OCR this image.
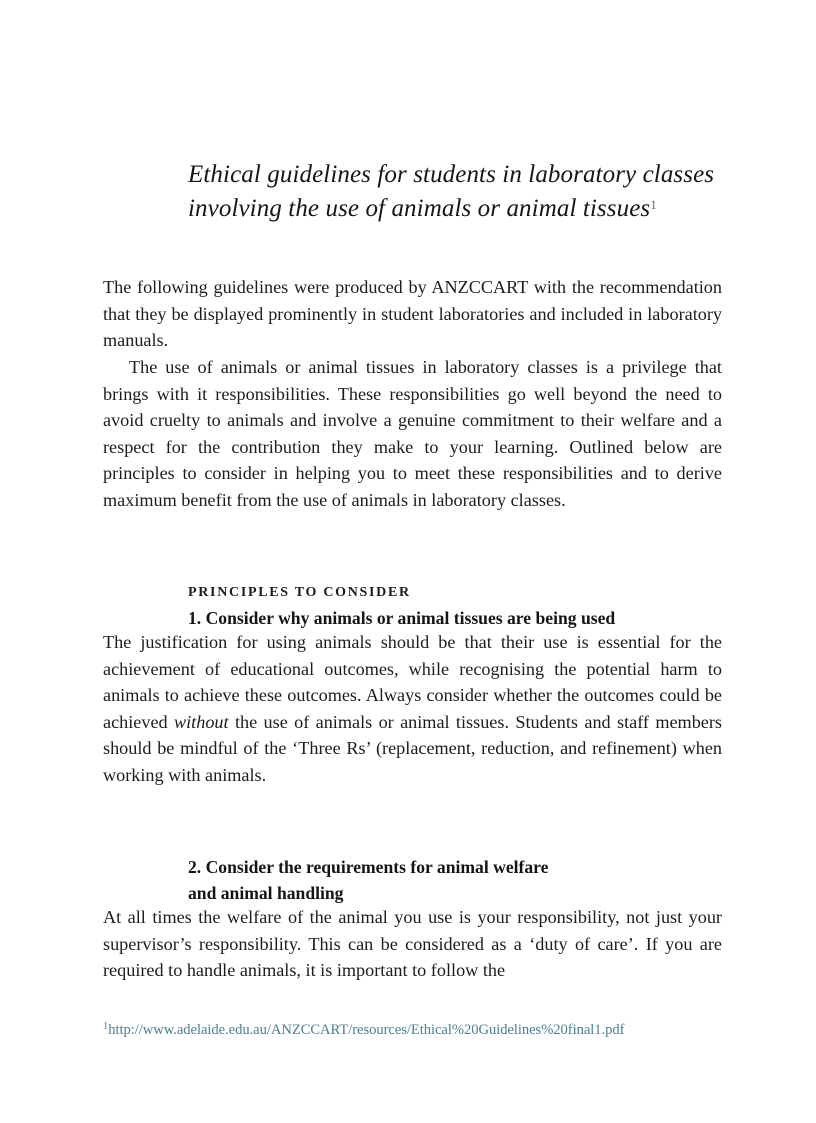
Ethical guidelines for students in laboratory classes involving the use of animals or animal tissues$^1$

The following guidelines were produced by ANZCCART with the recommendation that they be displayed prominently in student laboratories and included in laboratory manuals.

The use of animals or animal tissues in laboratory classes is a privilege that brings with it responsibilities. These responsibilities go well beyond the need to avoid cruelty to animals and involve a genuine commitment to their welfare and a respect for the contribution they make to your learning. Outlined below are principles to consider in helping you to meet these responsibilities and to derive maximum benefit from the use of animals in laboratory classes.

PRINCIPLES TO CONSIDER

1. Consider why animals or animal tissues are being used

The justification for using animals should be that their use is essential for the achievement of educational outcomes, while recognising the potential harm to animals to achieve these outcomes. Always consider whether the outcomes could be achieved without the use of animals or animal tissues. Students and staff members should be mindful of the ‘Three Rs’ (replacement, reduction, and refinement) when working with animals.

2. Consider the requirements for animal welfare

and animal handling

At all times the welfare of the animal you use is your responsibility, not just your supervisor’s responsibility. This can be considered as a ‘duty of care’. If you are required to handle animals, it is important to follow the

$^1$http://www.adelaide.edu.au/ANZCCART/resources/Ethical%20Guidelines%20final1.pdf
